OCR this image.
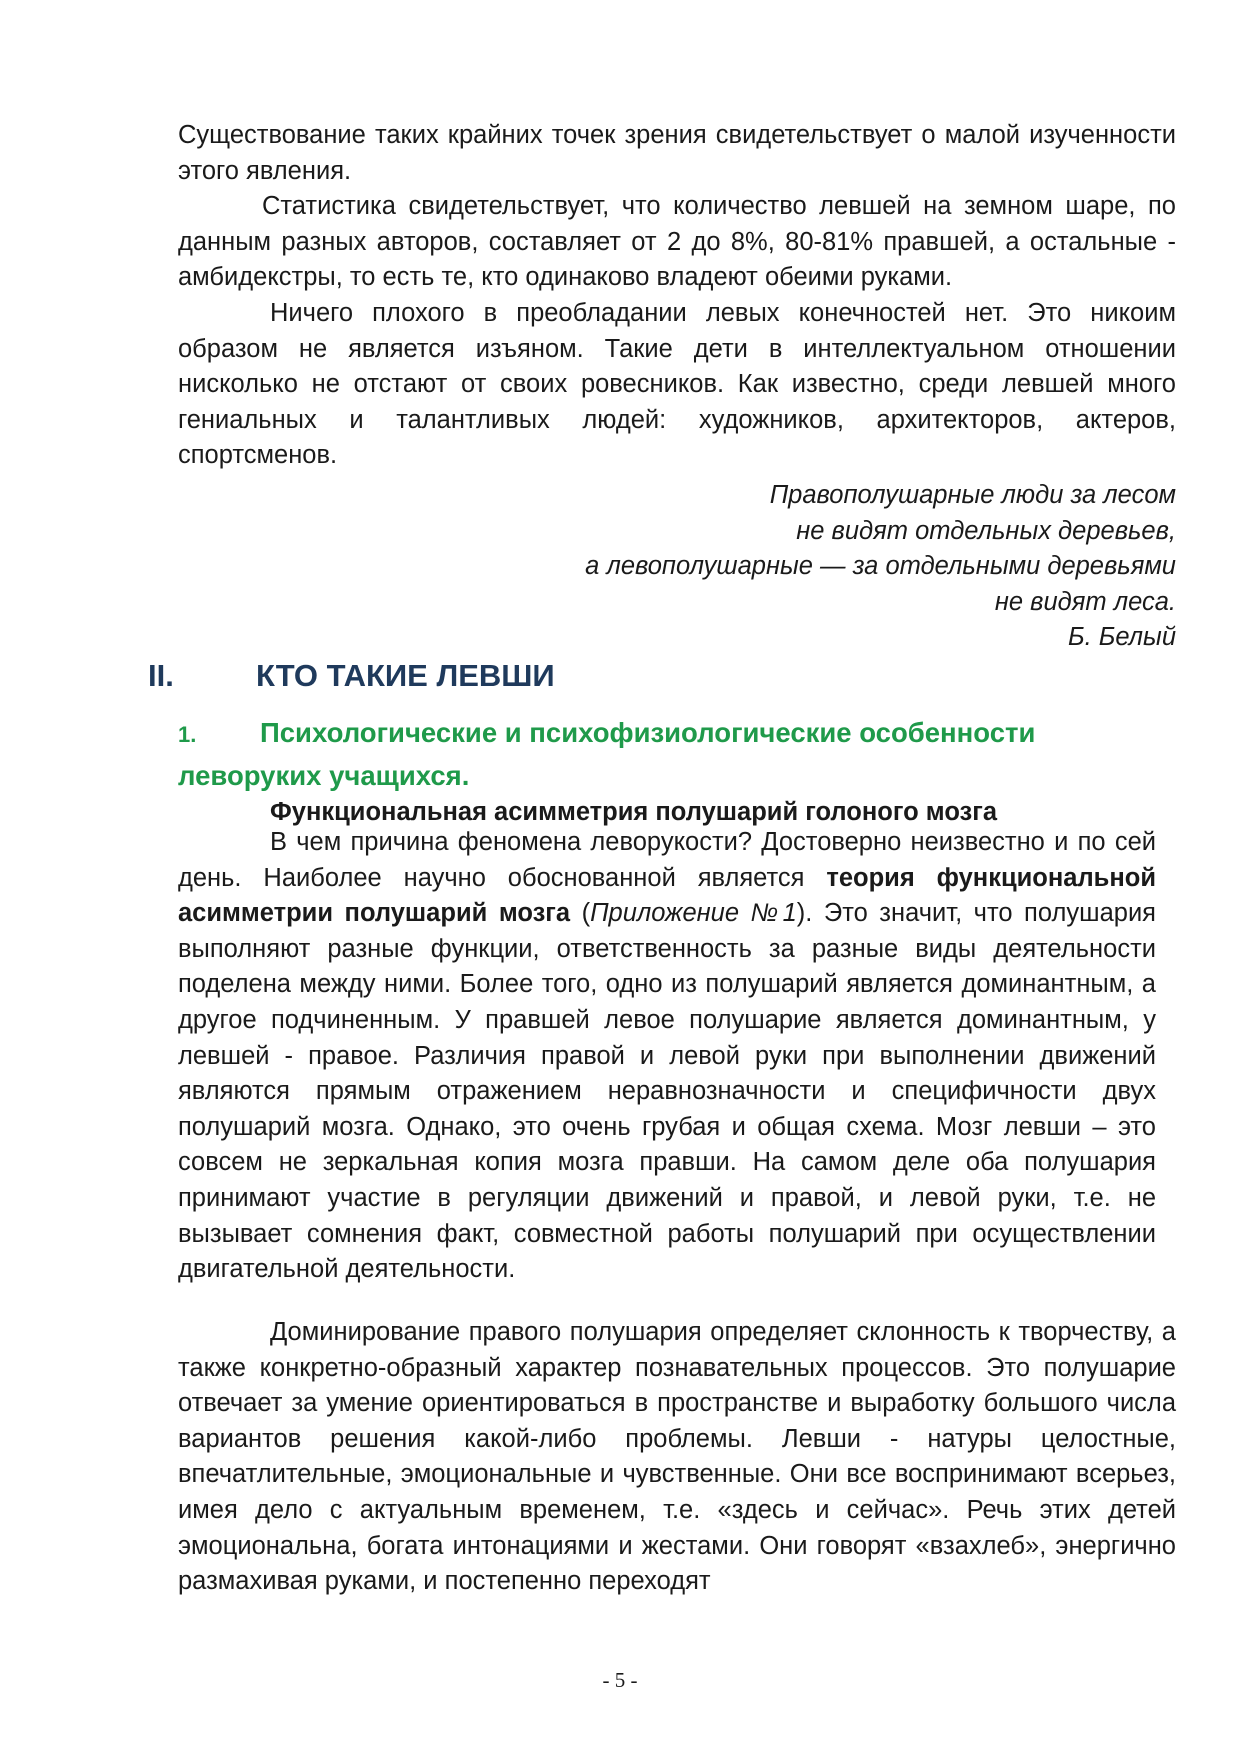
Существование таких крайних точек зрения свидетельствует о малой изученности этого явления.

Статистика свидетельствует, что количество левшей на земном шаре, по данным разных авторов, составляет от 2 до 8%, 80-81% правшей, а остальные - амбидекстры, то есть те, кто одинаково владеют обеими руками.

Ничего плохого в преобладании левых конечностей нет. Это никоим образом не является изъяном. Такие дети в интеллектуальном отношении нисколько не отстают от своих ровесников. Как известно, среди левшей много гениальных и талантливых людей: художников, архитекторов, актеров, спортсменов.

Правополушарные люди за лесом
не видят отдельных деревьев,
а левополушарные — за отдельными деревьями
не видят леса.
Б. Белый
II.	КТО ТАКИЕ ЛЕВШИ
1. Психологические и психофизиологические особенности леворуких учащихся.
Функциональная асимметрия полушарий голоного мозга

В чем причина феномена леворукости? Достоверно неизвестно и по сей день. Наиболее научно обоснованной является теория функциональной асимметрии полушарий мозга (Приложение №1). Это значит, что полушария выполняют разные функции, ответственность за разные виды деятельности поделена между ними. Более того, одно из полушарий является доминантным, а другое подчиненным. У правшей левое полушарие является доминантным, у левшей - правое. Различия правой и левой руки при выполнении движений являются прямым отражением неравнозначности и специфичности двух полушарий мозга. Однако, это очень грубая и общая схема. Мозг левши – это совсем не зеркальная копия мозга правши. На самом деле оба полушария принимают участие в регуляции движений и правой, и левой руки, т.е. не вызывает сомнения факт, совместной работы полушарий при осуществлении двигательной деятельности.

Доминирование правого полушария определяет склонность к творчеству, а также конкретно-образный характер познавательных процессов. Это полушарие отвечает за умение ориентироваться в пространстве и выработку большого числа вариантов решения какой-либо проблемы. Левши - натуры целостные, впечатлительные, эмоциональные и чувственные. Они все воспринимают всерьез, имея дело с актуальным временем, т.е. «здесь и сейчас». Речь этих детей эмоциональна, богата интонациями и жестами. Они говорят «взахлеб», энергично размахивая руками, и постепенно переходят

- 5 -
